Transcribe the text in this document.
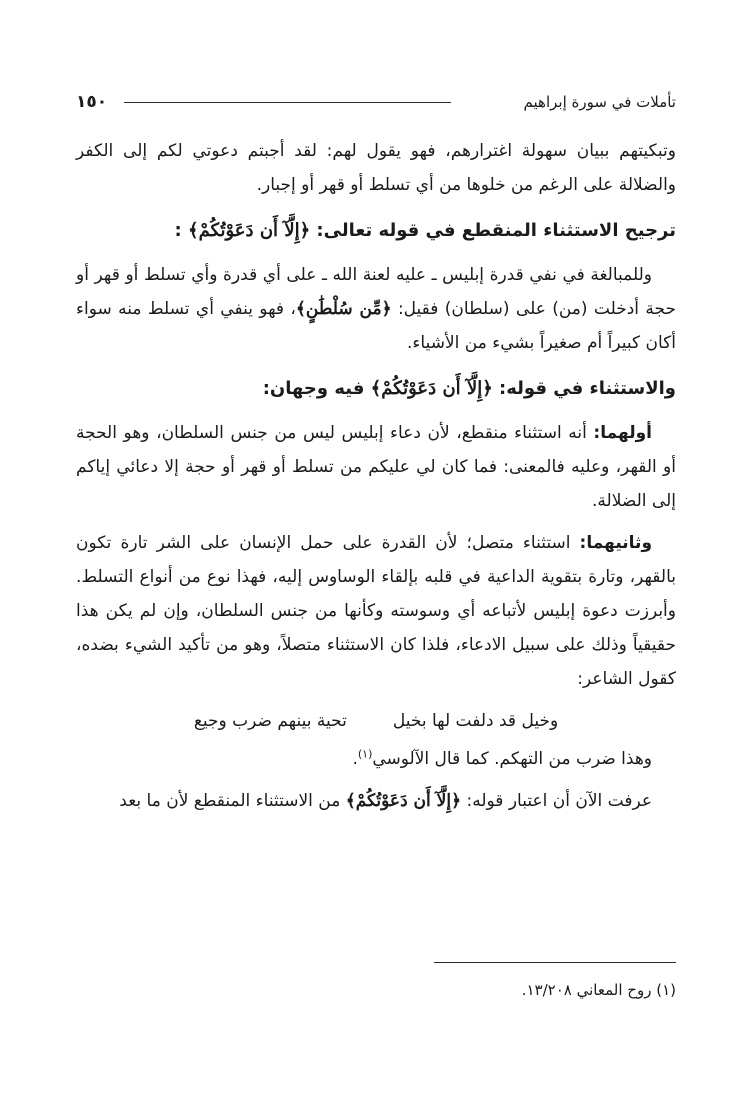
١٥٠	تأملات في سورة إبراهيم

وتبكيتهم ببيان سهولة اغترارهم، فهو يقول لهم: لقد أجبتم دعوتي لكم إلى الكفر والضلالة على الرغم من خلوها من أي تسلط أو قهر أو إجبار.

ترجيح الاستثناء المنقطع في قوله تعالى: ﴿إِلَّآ أَن دَعَوْتُكُمْ﴾ :

وللمبالغة في نفي قدرة إبليس ـ عليه لعنة الله ـ على أي قدرة وأي تسلط أو قهر أو حجة أدخلت (من) على (سلطان) فقيل: ﴿مِّن سُلْطَٰنٍ﴾، فهو ينفي أي تسلط منه سواء أكان كبيراً أم صغيراً بشيء من الأشياء.

والاستثناء في قوله: ﴿إِلَّآ أَن دَعَوْتُكُمْ﴾ فيه وجهان:

أولهما: أنه استثناء منقطع، لأن دعاء إبليس ليس من جنس السلطان، وهو الحجة أو القهر، وعليه فالمعنى: فما كان لي عليكم من تسلط أو قهر أو حجة إلا دعائي إياكم إلى الضلالة.

وثانيهما: استثناء متصل؛ لأن القدرة على حمل الإنسان على الشر تارة تكون بالقهر، وتارة بتقوية الداعية في قلبه بإلقاء الوساوس إليه، فهذا نوع من أنواع التسلط. وأبرزت دعوة إبليس لأتباعه أي وسوسته وكأنها من جنس السلطان، وإن لم يكن هذا حقيقياً وذلك على سبيل الادعاء، فلذا كان الاستثناء متصلاً، وهو من تأكيد الشيء بضده، كقول الشاعر:

وخيل قد دلفت لها بخيل
تحية بينهم ضرب وجيع

وهذا ضرب من التهكم. كما قال الآلوسي$^{(١)}$.

عرفت الآن أن اعتبار قوله: ﴿إِلَّآ أَن دَعَوْتُكُمْ﴾ من الاستثناء المنقطع لأن ما بعد

(١) روح المعاني ١٣/٢٠٨.
